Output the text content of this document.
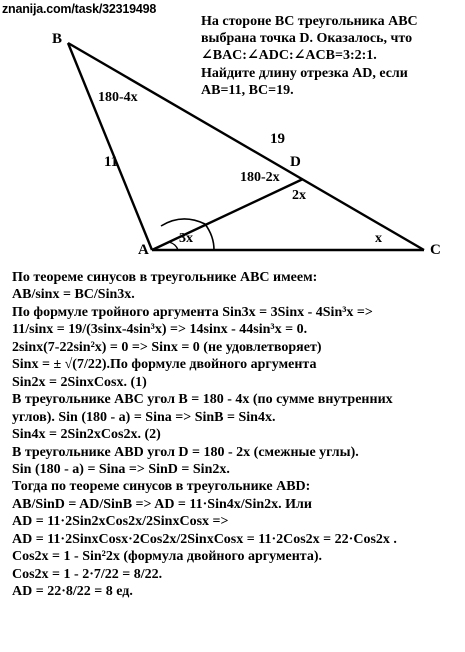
B
A	C
D
180-4x
180-2x
2x
3x	x
11
19
znanija.com/task/32319498
На стороне ВС треугольника АВС
выбрана точка D. Оказалось, что
∠BAC:∠ADC:∠ACB=3:2:1.
Найдите длину отрезка AD, если
AB=11, BC=19.
По теореме синусов в треугольнике АВС имеем:
AB/sinx = BC/Sin3x.
По формуле тройного аргумента Sin3x = 3Sinx - 4Sin³x =>
11/sinx = 19/(3sinx-4sin³x) => 14sinx - 44sin³x = 0.
2sinx(7-22sin²x) = 0 => Sinx = 0 (не удовлетворяет)
Sinx = ± √(7/22).По формуле двойного аргумента
Sin2x = 2SinxCosx. (1)
В треугольнике АВС угол В = 180 - 4x (по сумме внутренних
углов). Sin (180 - a) = Sina => SinB = Sin4x.
Sin4x = 2Sin2xCos2x. (2)
В треугольнике ABD угол D = 180 - 2x (смежные углы).
Sin (180 - a) = Sina => SinD = Sin2x.
Тогда по теореме синусов в треугольнике ABD:
AB/SinD = AD/SinB => AD = 11·Sin4x/Sin2x. Или
AD = 11·2Sin2xCos2x/2SinxCosx =>
AD = 11·2SinxCosx·2Cos2x/2SinxCosx = 11·2Cos2x = 22·Cos2x .
Cos2x = 1 - Sin²2x (формула двойного аргумента).
Cos2x = 1 - 2·7/22 = 8/22.
AD = 22·8/22 = 8 ед.
